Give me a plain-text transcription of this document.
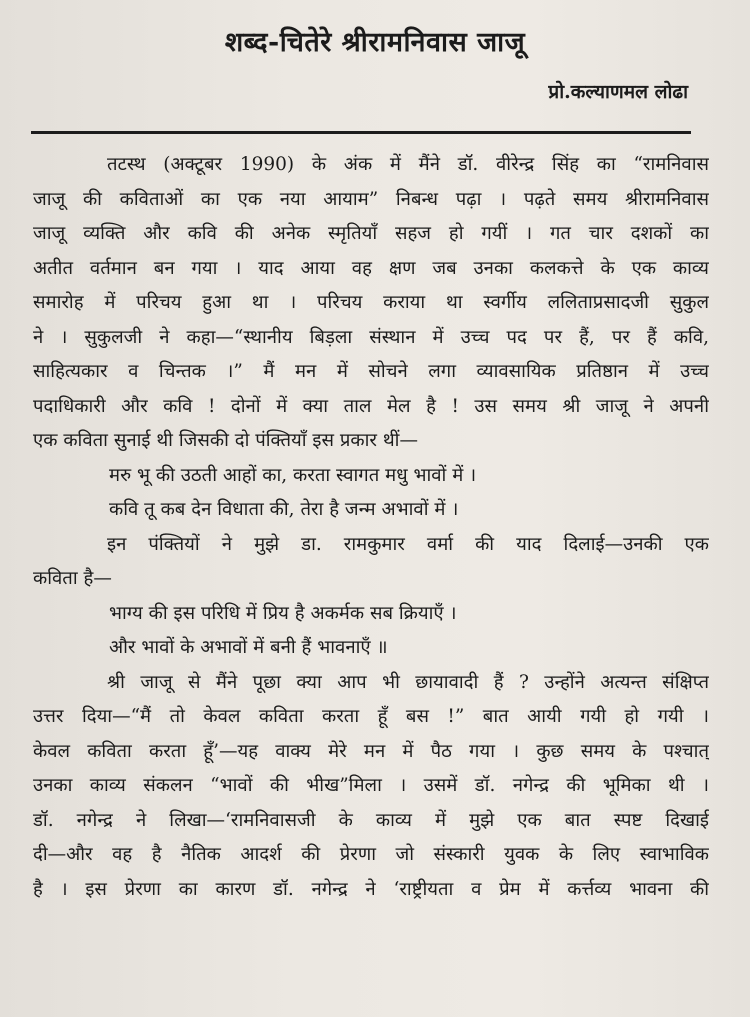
शब्द-चितेरे श्रीरामनिवास जाजू
प्रो.कल्याणमल लोढा
तटस्थ (अक्टूबर 1990) के अंक में मैंने डॉ. वीरेन्द्र सिंह का “रामनिवास
जाजू की कविताओं का एक नया आयाम” निबन्ध पढ़ा । पढ़ते समय श्रीरामनिवास
जाजू व्यक्ति और कवि की अनेक स्मृतियाँ सहज हो गयीं । गत चार दशकों का
अतीत वर्तमान बन गया । याद आया वह क्षण जब उनका कलकत्ते के एक काव्य
समारोह में परिचय हुआ था । परिचय कराया था स्वर्गीय ललिताप्रसादजी सुकुल
ने । सुकुलजी ने कहा—“स्थानीय बिड़ला संस्थान में उच्च पद पर हैं, पर हैं कवि,
साहित्यकार व चिन्तक ।” मैं मन में सोचने लगा व्यावसायिक प्रतिष्ठान में उच्च
पदाधिकारी और कवि ! दोनों में क्या ताल मेल है ! उस समय श्री जाजू ने अपनी
एक कविता सुनाई थी जिसकी दो पंक्तियाँ इस प्रकार थीं—
मरु भू की उठती आहों का, करता स्वागत मधु भावों में ।
कवि तू कब देन विधाता की, तेरा है जन्म अभावों में ।
इन पंक्तियों ने मुझे डा. रामकुमार वर्मा की याद दिलाई—उनकी एक
कविता है—
भाग्य की इस परिधि में प्रिय है अकर्मक सब क्रियाएँ ।
और भावों के अभावों में बनी हैं भावनाएँ ॥
श्री जाजू से मैंने पूछा क्या आप भी छायावादी हैं ? उन्होंने अत्यन्त संक्षिप्त
उत्तर दिया—“मैं तो केवल कविता करता हूँ बस !” बात आयी गयी हो गयी ।
केवल कविता करता हूँ’—यह वाक्य मेरे मन में पैठ गया । कुछ समय के पश्चात्
उनका काव्य संकलन “भावों की भीख”मिला । उसमें डॉ. नगेन्द्र की भूमिका थी ।
डॉ. नगेन्द्र ने लिखा—‘रामनिवासजी के काव्य में मुझे एक बात स्पष्ट दिखाई
दी—और वह है नैतिक आदर्श की प्रेरणा जो संस्कारी युवक के लिए स्वाभाविक
है । इस प्रेरणा का कारण डॉ. नगेन्द्र ने ‘राष्ट्रीयता व प्रेम में कर्त्तव्य भावना की
